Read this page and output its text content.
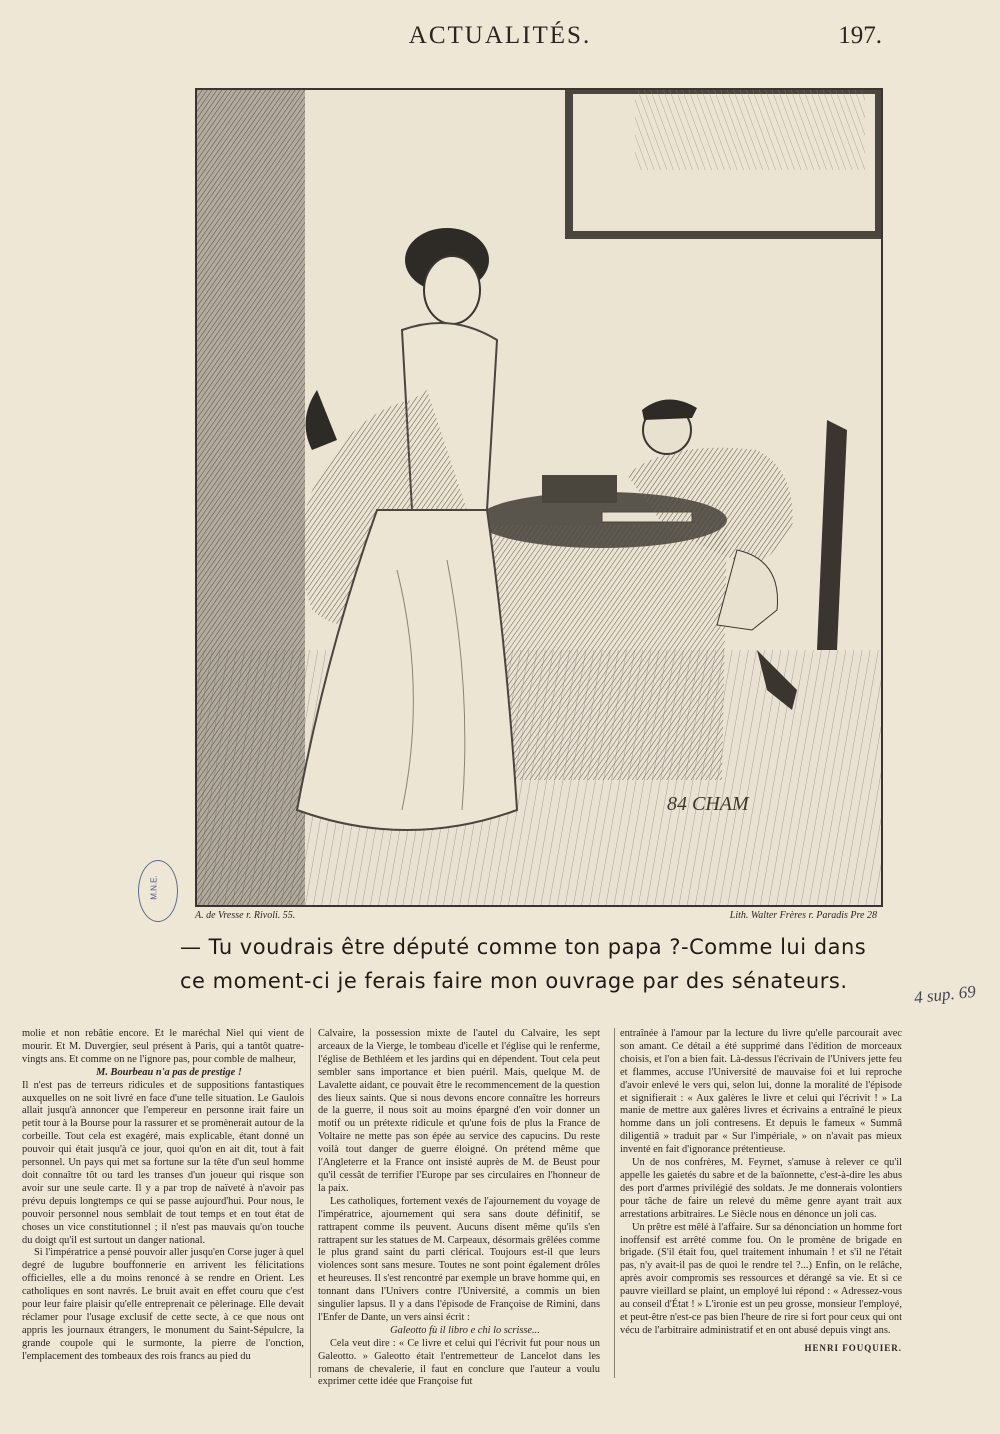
ACTUALITÉS.	197.
84 CHAM
A. de Vresse r. Rivoli. 55.	Lith. Walter Frères r. Paradis Pre 28
M.N.E.
— Tu voudrais être député comme ton papa ?-Comme lui dans
ce moment-ci je ferais faire mon ouvrage par des sénateurs.
4 sup. 69

molie et non rebâtie encore. Et le maréchal Niel qui vient de mourir. Et M. Duvergier, seul présent à Paris, qui a tantôt quatre-vingts ans. Et comme on ne l'ignore pas, pour comble de malheur,

M. Bourbeau n'a pas de prestige !

Il n'est pas de terreurs ridicules et de suppositions fantastiques auxquelles on ne soit livré en face d'une telle situation. Le Gaulois allait jusqu'à annoncer que l'empereur en personne irait faire un petit tour à la Bourse pour la rassurer et se promènerait autour de la corbeille. Tout cela est exagéré, mais explicable, étant donné un pouvoir qui était jusqu'à ce jour, quoi qu'on en ait dit, tout à fait personnel. Un pays qui met sa fortune sur la tête d'un seul homme doit connaître tôt ou tard les transes d'un joueur qui risque son avoir sur une seule carte. Il y a par trop de naïveté à n'avoir pas prévu depuis longtemps ce qui se passe aujourd'hui. Pour nous, le pouvoir personnel nous semblait de tout temps et en tout état de choses un vice constitutionnel ; il n'est pas mauvais qu'on touche du doigt qu'il est surtout un danger national.

Si l'impératrice a pensé pouvoir aller jusqu'en Corse juger à quel degré de lugubre bouffonnerie en arrivent les félicitations officielles, elle a du moins renoncé à se rendre en Orient. Les catholiques en sont navrés. Le bruit avait en effet couru que c'est pour leur faire plaisir qu'elle entreprenait ce pèlerinage. Elle devait réclamer pour l'usage exclusif de cette secte, à ce que nous ont appris les journaux étrangers, le monument du Saint-Sépulcre, la grande coupole qui le surmonte, la pierre de l'onction, l'emplacement des tombeaux des rois francs au pied du

Calvaire, la possession mixte de l'autel du Calvaire, les sept arceaux de la Vierge, le tombeau d'icelle et l'église qui le renferme, l'église de Bethléem et les jardins qui en dépendent. Tout cela peut sembler sans importance et bien puéril. Mais, quelque M. de Lavalette aidant, ce pouvait être le recommencement de la question des lieux saints. Que si nous devons encore connaître les horreurs de la guerre, il nous soit au moins épargné d'en voir donner un motif ou un prétexte ridicule et qu'une fois de plus la France de Voltaire ne mette pas son épée au service des capucins. Du reste voilà tout danger de guerre éloigné. On prétend même que l'Angleterre et la France ont insisté auprès de M. de Beust pour qu'il cessât de terrifier l'Europe par ses circulaires en l'honneur de la paix.

Les catholiques, fortement vexés de l'ajournement du voyage de l'impératrice, ajournement qui sera sans doute définitif, se rattrapent comme ils peuvent. Aucuns disent même qu'ils s'en rattrapent sur les statues de M. Carpeaux, désormais grêlées comme le plus grand saint du parti clérical. Toujours est-il que leurs violences sont sans mesure. Toutes ne sont point également drôles et heureuses. Il s'est rencontré par exemple un brave homme qui, en tonnant dans l'Univers contre l'Université, a commis un bien singulier lapsus. Il y a dans l'épisode de Françoise de Rimini, dans l'Enfer de Dante, un vers ainsi écrit :

Galeotto fù il libro e chi lo scrisse...

Cela veut dire : « Ce livre et celui qui l'écrivit fut pour nous un Galeotto. » Galeotto était l'entremetteur de Lancelot dans les romans de chevalerie, il faut en conclure que l'auteur a voulu exprimer cette idée que Françoise fut

entraînée à l'amour par la lecture du livre qu'elle parcourait avec son amant. Ce détail a été supprimé dans l'édition de morceaux choisis, et l'on a bien fait. Là-dessus l'écrivain de l'Univers jette feu et flammes, accuse l'Université de mauvaise foi et lui reproche d'avoir enlevé le vers qui, selon lui, donne la moralité de l'épisode et signifierait : « Aux galères le livre et celui qui l'écrivit ! » La manie de mettre aux galères livres et écrivains a entraîné le pieux homme dans un joli contresens. Et depuis le fameux « Summâ diligentiâ » traduit par « Sur l'impériale, » on n'avait pas mieux inventé en fait d'ignorance prétentieuse.

Un de nos confrères, M. Feyrnet, s'amuse à relever ce qu'il appelle les gaietés du sabre et de la baïonnette, c'est-à-dire les abus des port d'armes privilégié des soldats. Je me donnerais volontiers pour tâche de faire un relevé du même genre ayant trait aux arrestations arbitraires. Le Siècle nous en dénonce un joli cas.

Un prêtre est mêlé à l'affaire. Sur sa dénonciation un homme fort inoffensif est arrêté comme fou. On le promène de brigade en brigade. (S'il était fou, quel traitement inhumain ! et s'il ne l'était pas, n'y avait-il pas de quoi le rendre tel ?...) Enfin, on le relâche, après avoir compromis ses ressources et dérangé sa vie. Et si ce pauvre vieillard se plaint, un employé lui répond : « Adressez-vous au conseil d'État ! » L'ironie est un peu grosse, monsieur l'employé, et peut-être n'est-ce pas bien l'heure de rire si fort pour ceux qui ont vécu de l'arbitraire administratif et en ont abusé depuis vingt ans.

HENRI FOUQUIER.
